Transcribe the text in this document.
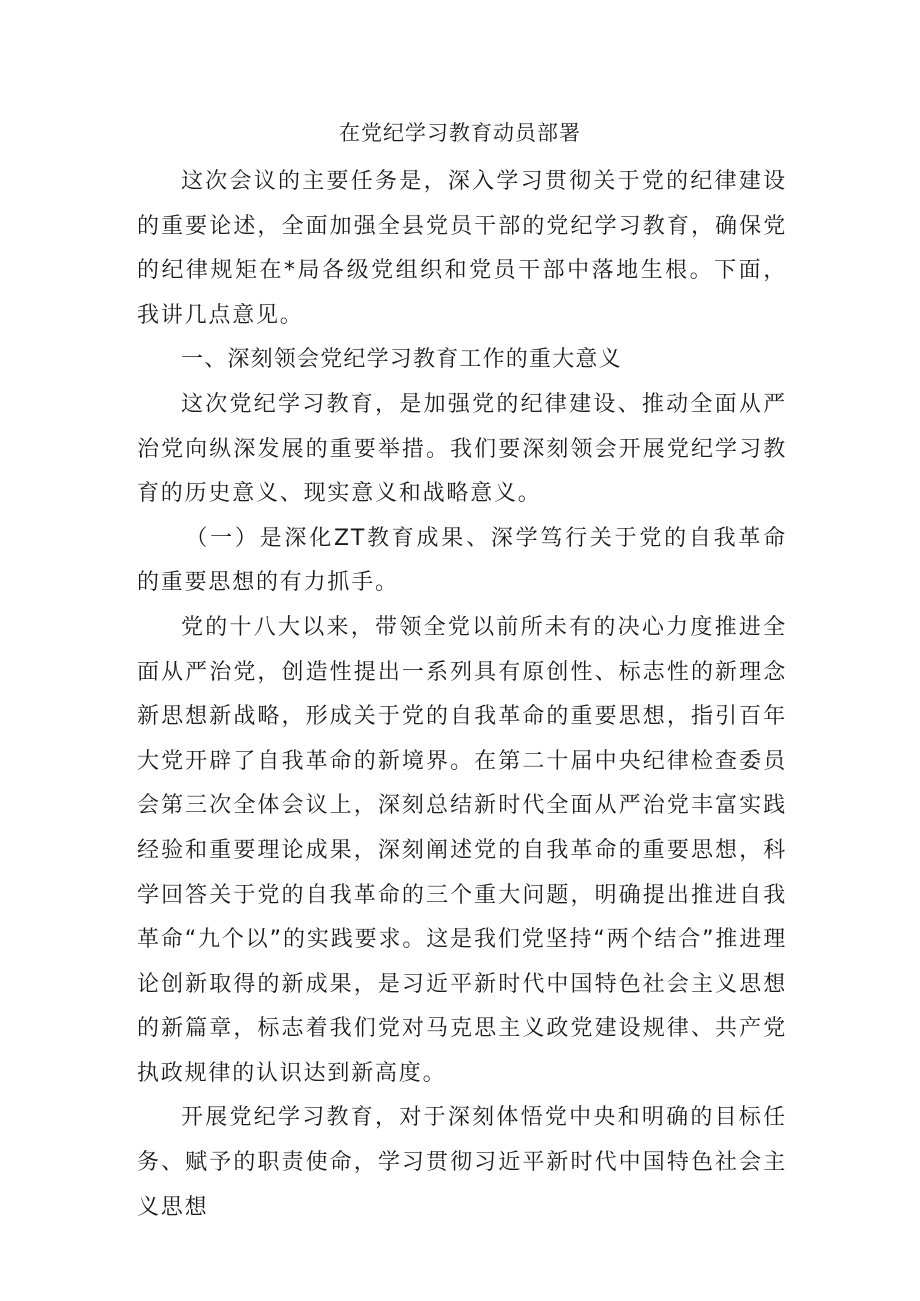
在党纪学习教育动员部署

这次会议的主要任务是，深入学习贯彻关于党的纪律建设的重要论述，全面加强全县党员干部的党纪学习教育，确保党的纪律规矩在*局各级党组织和党员干部中落地生根。下面，我讲几点意见。

一、深刻领会党纪学习教育工作的重大意义

这次党纪学习教育，是加强党的纪律建设、推动全面从严治党向纵深发展的重要举措。我们要深刻领会开展党纪学习教育的历史意义、现实意义和战略意义。

（一）是深化ZT教育成果、深学笃行关于党的自我革命的重要思想的有力抓手。

党的十八大以来，带领全党以前所未有的决心力度推进全面从严治党，创造性提出一系列具有原创性、标志性的新理念新思想新战略，形成关于党的自我革命的重要思想，指引百年大党开辟了自我革命的新境界。在第二十届中央纪律检查委员会第三次全体会议上，深刻总结新时代全面从严治党丰富实践经验和重要理论成果，深刻阐述党的自我革命的重要思想，科学回答关于党的自我革命的三个重大问题，明确提出推进自我革命“九个以”的实践要求。这是我们党坚持“两个结合”推进理论创新取得的新成果，是习近平新时代中国特色社会主义思想的新篇章，标志着我们党对马克思主义政党建设规律、共产党执政规律的认识达到新高度。

开展党纪学习教育，对于深刻体悟党中央和明确的目标任务、赋予的职责使命，学习贯彻习近平新时代中国特色社会主义思想
